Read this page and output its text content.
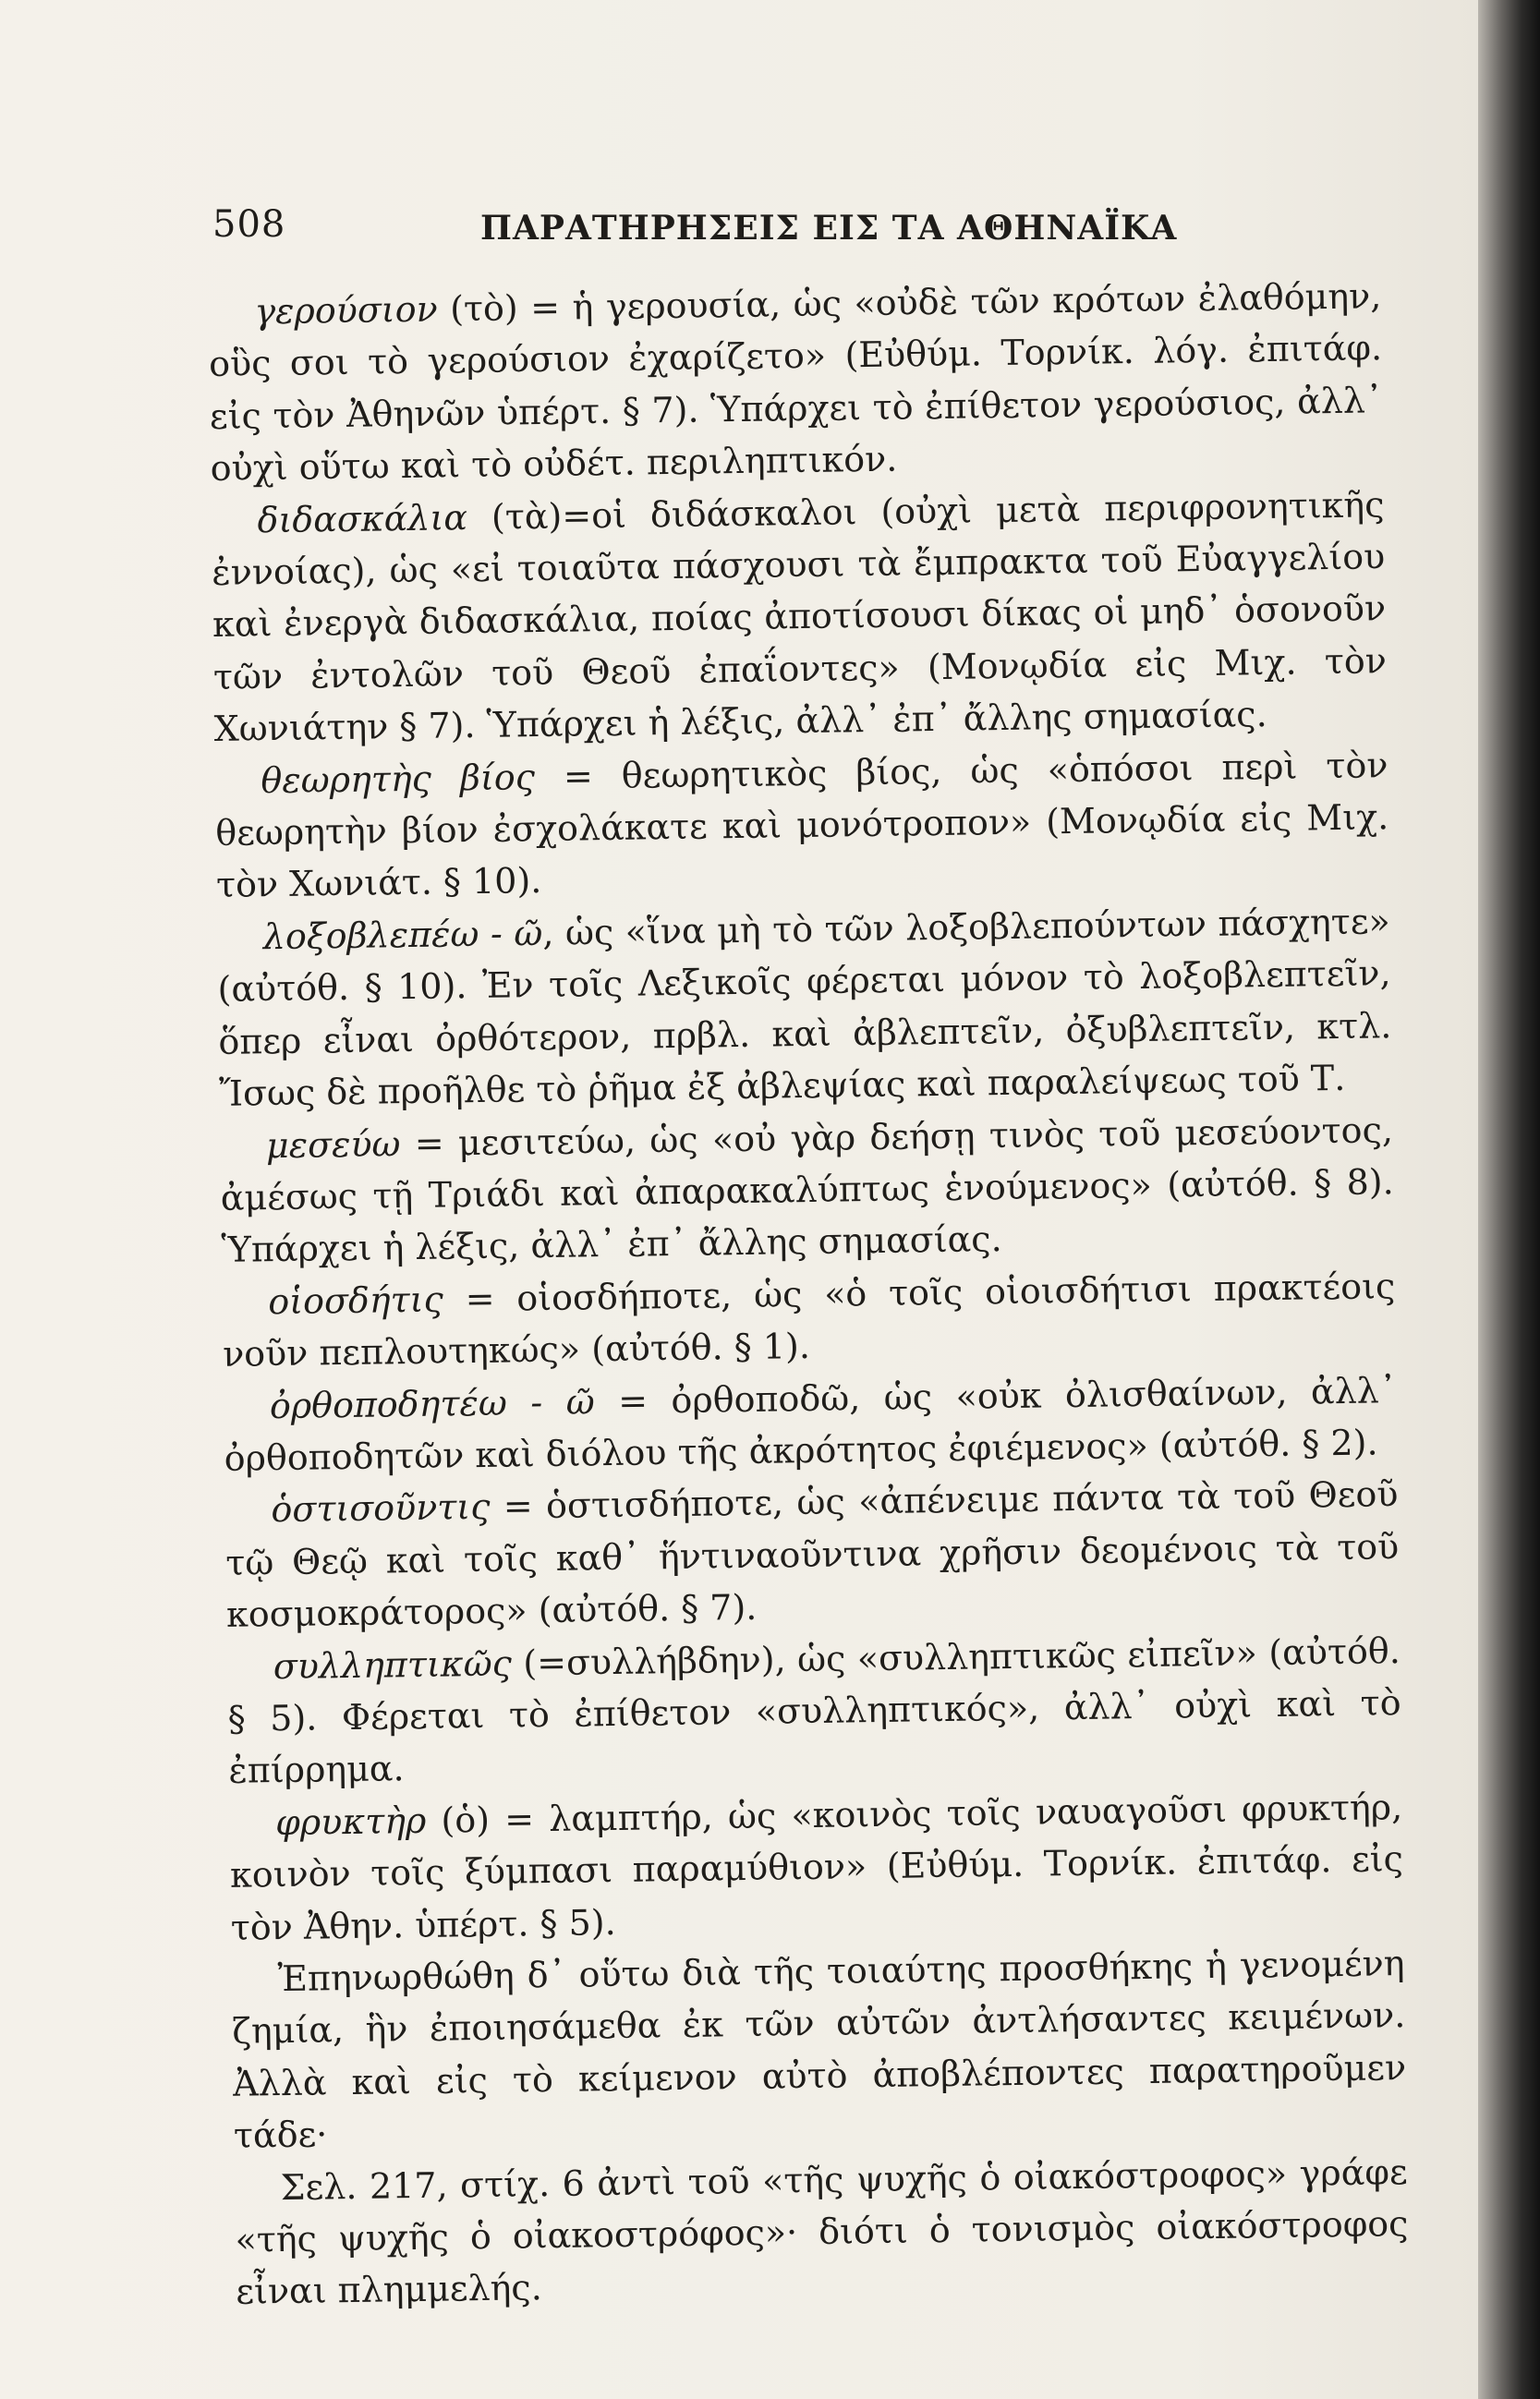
508	ΠΑΡΑΤΗΡΗΣΕΙΣ ΕΙΣ ΤΑ ΑΘΗΝΑΪΚΑ

γερούσιον (τὸ) = ἡ γερουσία, ὡς «οὐδὲ τῶν κρότων ἐλαθόμην, οὓς σοι τὸ γερούσιον ἐχαρίζετο» (Εὐθύμ. Τορνίκ. λόγ. ἐπιτάφ. εἰς τὸν Ἀθηνῶν ὑπέρτ. § 7). Ὑπάρχει τὸ ἐπίθετον γερούσιος, ἀλλ᾽ οὐχὶ οὕτω καὶ τὸ οὐδέτ. περιληπτικόν.

διδασκάλια (τὰ)=οἱ διδάσκαλοι (οὐχὶ μετὰ περιφρονητικῆς ἐννοίας), ὡς «εἰ τοιαῦτα πάσχουσι τὰ ἔμπρακτα τοῦ Εὐαγγελίου καὶ ἐνεργὰ διδασκάλια, ποίας ἀποτίσουσι δίκας οἱ μηδ᾽ ὁσονοῦν τῶν ἐντολῶν τοῦ Θεοῦ ἐπαΐοντες» (Μονῳδία εἰς Μιχ. τὸν Χωνιάτην § 7). Ὑπάρχει ἡ λέξις, ἀλλ᾽ ἐπ᾽ ἄλλης σημασίας.

θεωρητὴς βίος = θεωρητικὸς βίος, ὡς «ὁπόσοι περὶ τὸν θεωρητὴν βίον ἐσχολάκατε καὶ μονότροπον» (Μονῳδία εἰς Μιχ. τὸν Χωνιάτ. § 10).

λοξοβλεπέω - ῶ, ὡς «ἵνα μὴ τὸ τῶν λοξοβλεπούντων πάσχητε» (αὐτόθ. § 10). Ἐν τοῖς Λεξικοῖς φέρεται μόνον τὸ λοξοβλεπτεῖν, ὅπερ εἶναι ὀρθότερον, πρβλ. καὶ ἀβλεπτεῖν, ὀξυβλεπτεῖν, κτλ. Ἴσως δὲ προῆλθε τὸ ῥῆμα ἐξ ἀβλεψίας καὶ παραλείψεως τοῦ Τ.

μεσεύω = μεσιτεύω, ὡς «οὐ γὰρ δεήσῃ τινὸς τοῦ μεσεύοντος, ἀμέσως τῇ Τριάδι καὶ ἀπαρακαλύπτως ἑνούμενος» (αὐτόθ. § 8). Ὑπάρχει ἡ λέξις, ἀλλ᾽ ἐπ᾽ ἄλλης σημασίας.

οἱοσδήτις = οἱοσδήποτε, ὡς «ὁ τοῖς οἱοισδήτισι πρακτέοις νοῦν πεπλουτηκώς» (αὐτόθ. § 1).

ὀρθοποδητέω - ῶ = ὀρθοποδῶ, ὡς «οὐκ ὀλισθαίνων, ἀλλ᾽ ὀρθοποδητῶν καὶ διόλου τῆς ἀκρότητος ἐφιέμενος» (αὐτόθ. § 2).

ὁστισοῦντις = ὁστισδήποτε, ὡς «ἀπένειμε πάντα τὰ τοῦ Θεοῦ τῷ Θεῷ καὶ τοῖς καθ᾽ ἥντιναοῦντινα χρῆσιν δεομένοις τὰ τοῦ κοσμοκράτορος» (αὐτόθ. § 7).

συλληπτικῶς (=συλλήβδην), ὡς «συλληπτικῶς εἰπεῖν» (αὐτόθ. § 5). Φέρεται τὸ ἐπίθετον «συλληπτικός», ἀλλ᾽ οὐχὶ καὶ τὸ ἐπίρρημα.

φρυκτὴρ (ὁ) = λαμπτήρ, ὡς «κοινὸς τοῖς ναυαγοῦσι φρυκτήρ, κοινὸν τοῖς ξύμπασι παραμύθιον» (Εὐθύμ. Τορνίκ. ἐπιτάφ. εἰς τὸν Ἀθην. ὑπέρτ. § 5).

Ἐπηνωρθώθη δ᾽ οὕτω διὰ τῆς τοιαύτης προσθήκης ἡ γενομένη ζημία, ἣν ἐποιησάμεθα ἐκ τῶν αὐτῶν ἀντλήσαντες κειμένων. Ἀλλὰ καὶ εἰς τὸ κείμενον αὐτὸ ἀποβλέποντες παρατηροῦμεν τάδε·

Σελ. 217, στίχ. 6 ἀντὶ τοῦ «τῆς ψυχῆς ὁ οἰακόστροφος» γράφε «τῆς ψυχῆς ὁ οἰακοστρόφος»· διότι ὁ τονισμὸς οἰακόστροφος εἶναι πλημμελής.
